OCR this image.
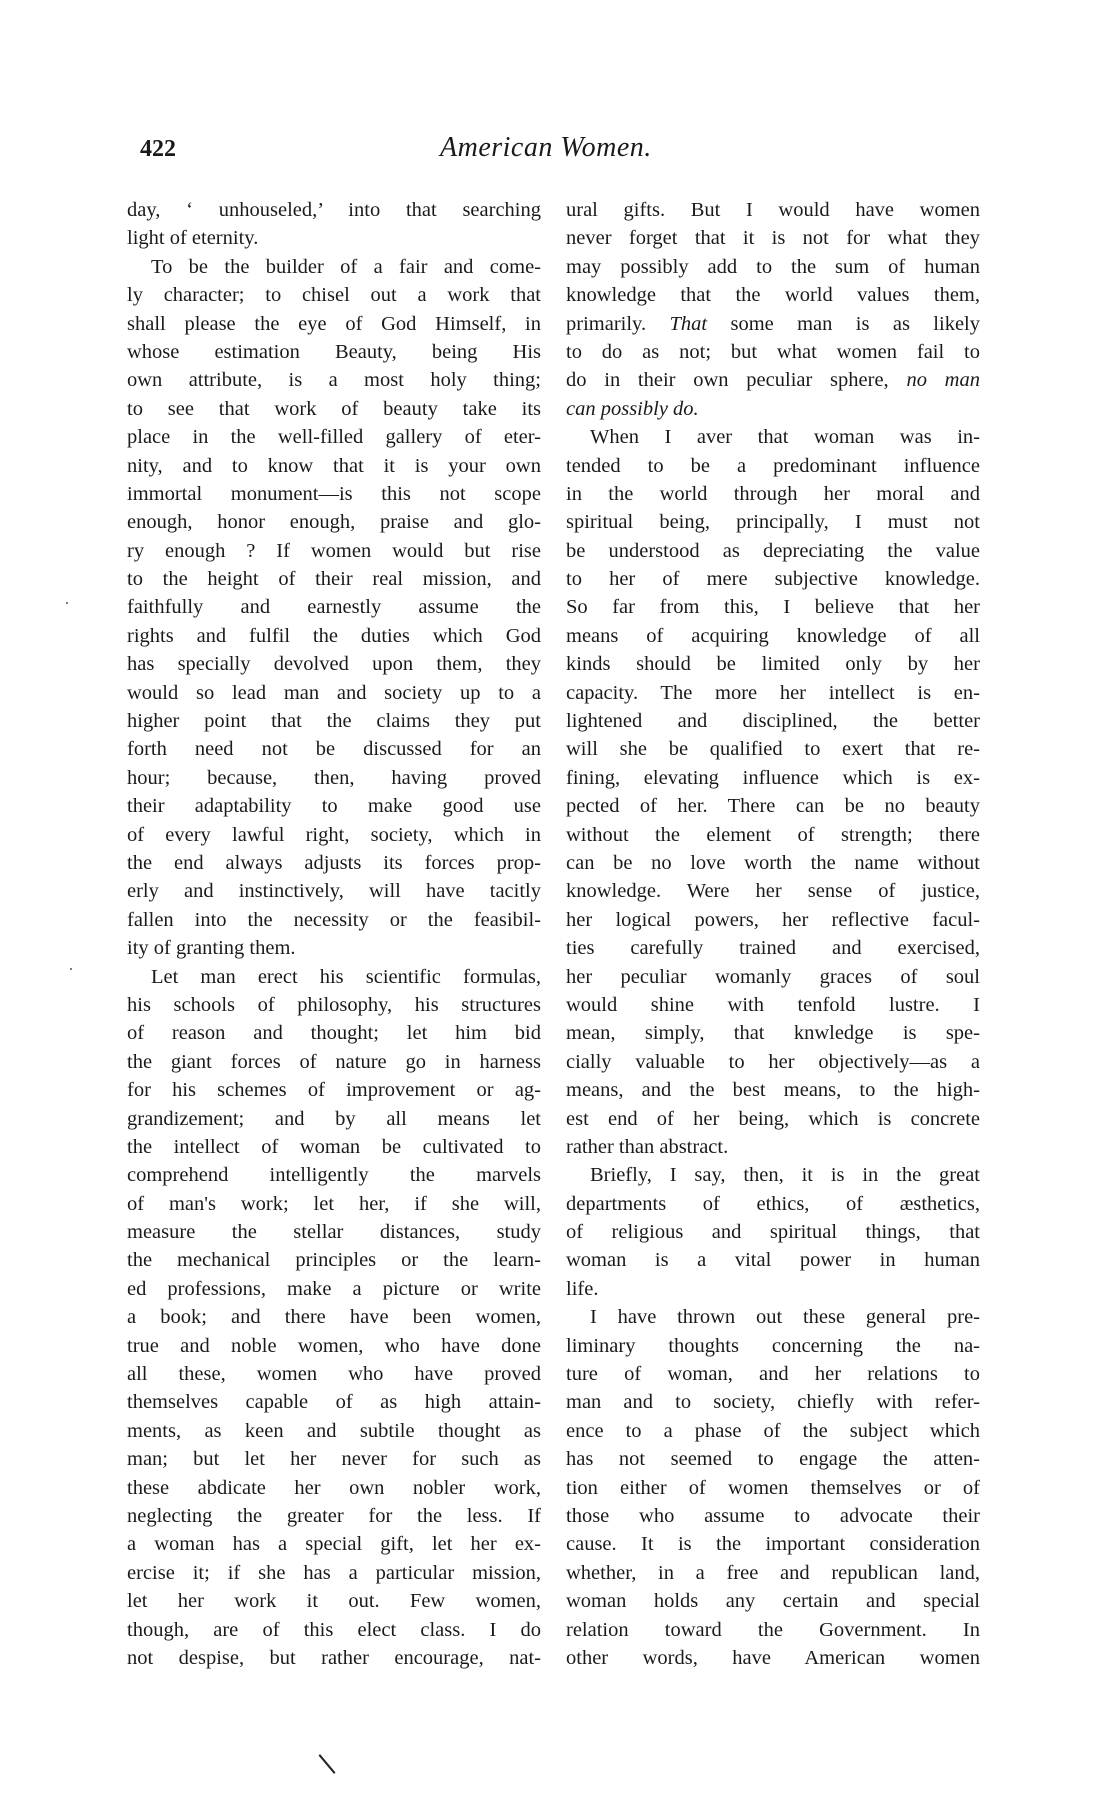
422	American Women.
day, ‘ unhouseled,’ into that searching
light of eternity.
To be the builder of a fair and come-
ly character; to chisel out a work that
shall please the eye of God Himself, in
whose estimation Beauty, being His
own attribute, is a most holy thing;
to see that work of beauty take its
place in the well-filled gallery of eter-
nity, and to know that it is your own
immortal monument—is this not scope
enough, honor enough, praise and glo-
ry enough ? If women would but rise
to the height of their real mission, and
faithfully and earnestly assume the
rights and fulfil the duties which God
has specially devolved upon them, they
would so lead man and society up to a
higher point that the claims they put
forth need not be discussed for an
hour; because, then, having proved
their adaptability to make good use
of every lawful right, society, which in
the end always adjusts its forces prop-
erly and instinctively, will have tacitly
fallen into the necessity or the feasibil-
ity of granting them.
Let man erect his scientific formulas,
his schools of philosophy, his structures
of reason and thought; let him bid
the giant forces of nature go in harness
for his schemes of improvement or ag-
grandizement; and by all means let
the intellect of woman be cultivated to
comprehend intelligently the marvels
of man's work; let her, if she will,
measure the stellar distances, study
the mechanical principles or the learn-
ed professions, make a picture or write
a book; and there have been women,
true and noble women, who have done
all these, women who have proved
themselves capable of as high attain-
ments, as keen and subtile thought as
man; but let her never for such as
these abdicate her own nobler work,
neglecting the greater for the less. If
a woman has a special gift, let her ex-
ercise it; if she has a particular mission,
let her work it out. Few women,
though, are of this elect class. I do
not despise, but rather encourage, nat-
ural gifts. But I would have women
never forget that it is not for what they
may possibly add to the sum of human
knowledge that the world values them,
primarily. That some man is as likely
to do as not; but what women fail to
do in their own peculiar sphere, no man
can possibly do.
When I aver that woman was in-
tended to be a predominant influence
in the world through her moral and
spiritual being, principally, I must not
be understood as depreciating the value
to her of mere subjective knowledge.
So far from this, I believe that her
means of acquiring knowledge of all
kinds should be limited only by her
capacity. The more her intellect is en-
lightened and disciplined, the better
will she be qualified to exert that re-
fining, elevating influence which is ex-
pected of her. There can be no beauty
without the element of strength; there
can be no love worth the name without
knowledge. Were her sense of justice,
her logical powers, her reflective facul-
ties carefully trained and exercised,
her peculiar womanly graces of soul
would shine with tenfold lustre. I
mean, simply, that knwledge is spe-
cially valuable to her objectively—as a
means, and the best means, to the high-
est end of her being, which is concrete
rather than abstract.
Briefly, I say, then, it is in the great
departments of ethics, of æsthetics,
of religious and spiritual things, that
woman is a vital power in human
life.
I have thrown out these general pre-
liminary thoughts concerning the na-
ture of woman, and her relations to
man and to society, chiefly with refer-
ence to a phase of the subject which
has not seemed to engage the atten-
tion either of women themselves or of
those who assume to advocate their
cause. It is the important consideration
whether, in a free and republican land,
woman holds any certain and special
relation toward the Government. In
other words, have American women
